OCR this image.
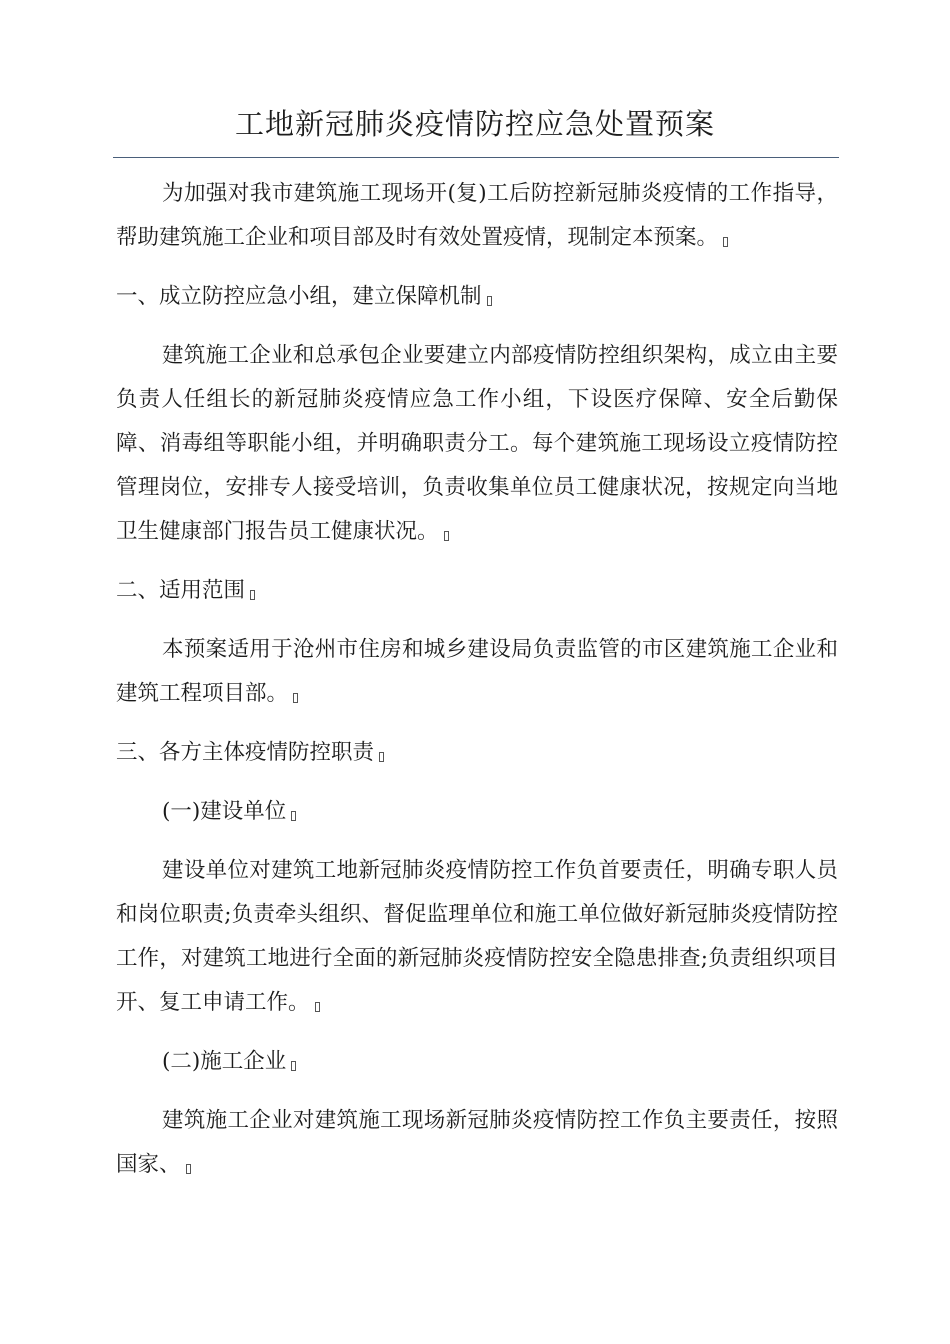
工地新冠肺炎疫情防控应急处置预案

为加强对我市建筑施工现场开(复)工后防控新冠肺炎疫情的工作指导，帮助建筑施工企业和项目部及时有效处置疫情，现制定本预案。

一、成立防控应急小组，建立保障机制

建筑施工企业和总承包企业要建立内部疫情防控组织架构，成立由主要负责人任组长的新冠肺炎疫情应急工作小组，下设医疗保障、安全后勤保障、消毒组等职能小组，并明确职责分工。每个建筑施工现场设立疫情防控管理岗位，安排专人接受培训，负责收集单位员工健康状况，按规定向当地卫生健康部门报告员工健康状况。

二、适用范围

本预案适用于沧州市住房和城乡建设局负责监管的市区建筑施工企业和建筑工程项目部。

三、各方主体疫情防控职责

(一)建设单位

建设单位对建筑工地新冠肺炎疫情防控工作负首要责任，明确专职人员和岗位职责;负责牵头组织、督促监理单位和施工单位做好新冠肺炎疫情防控工作，对建筑工地进行全面的新冠肺炎疫情防控安全隐患排查;负责组织项目开、复工申请工作。

(二)施工企业

建筑施工企业对建筑施工现场新冠肺炎疫情防控工作负主要责任，按照国家、
